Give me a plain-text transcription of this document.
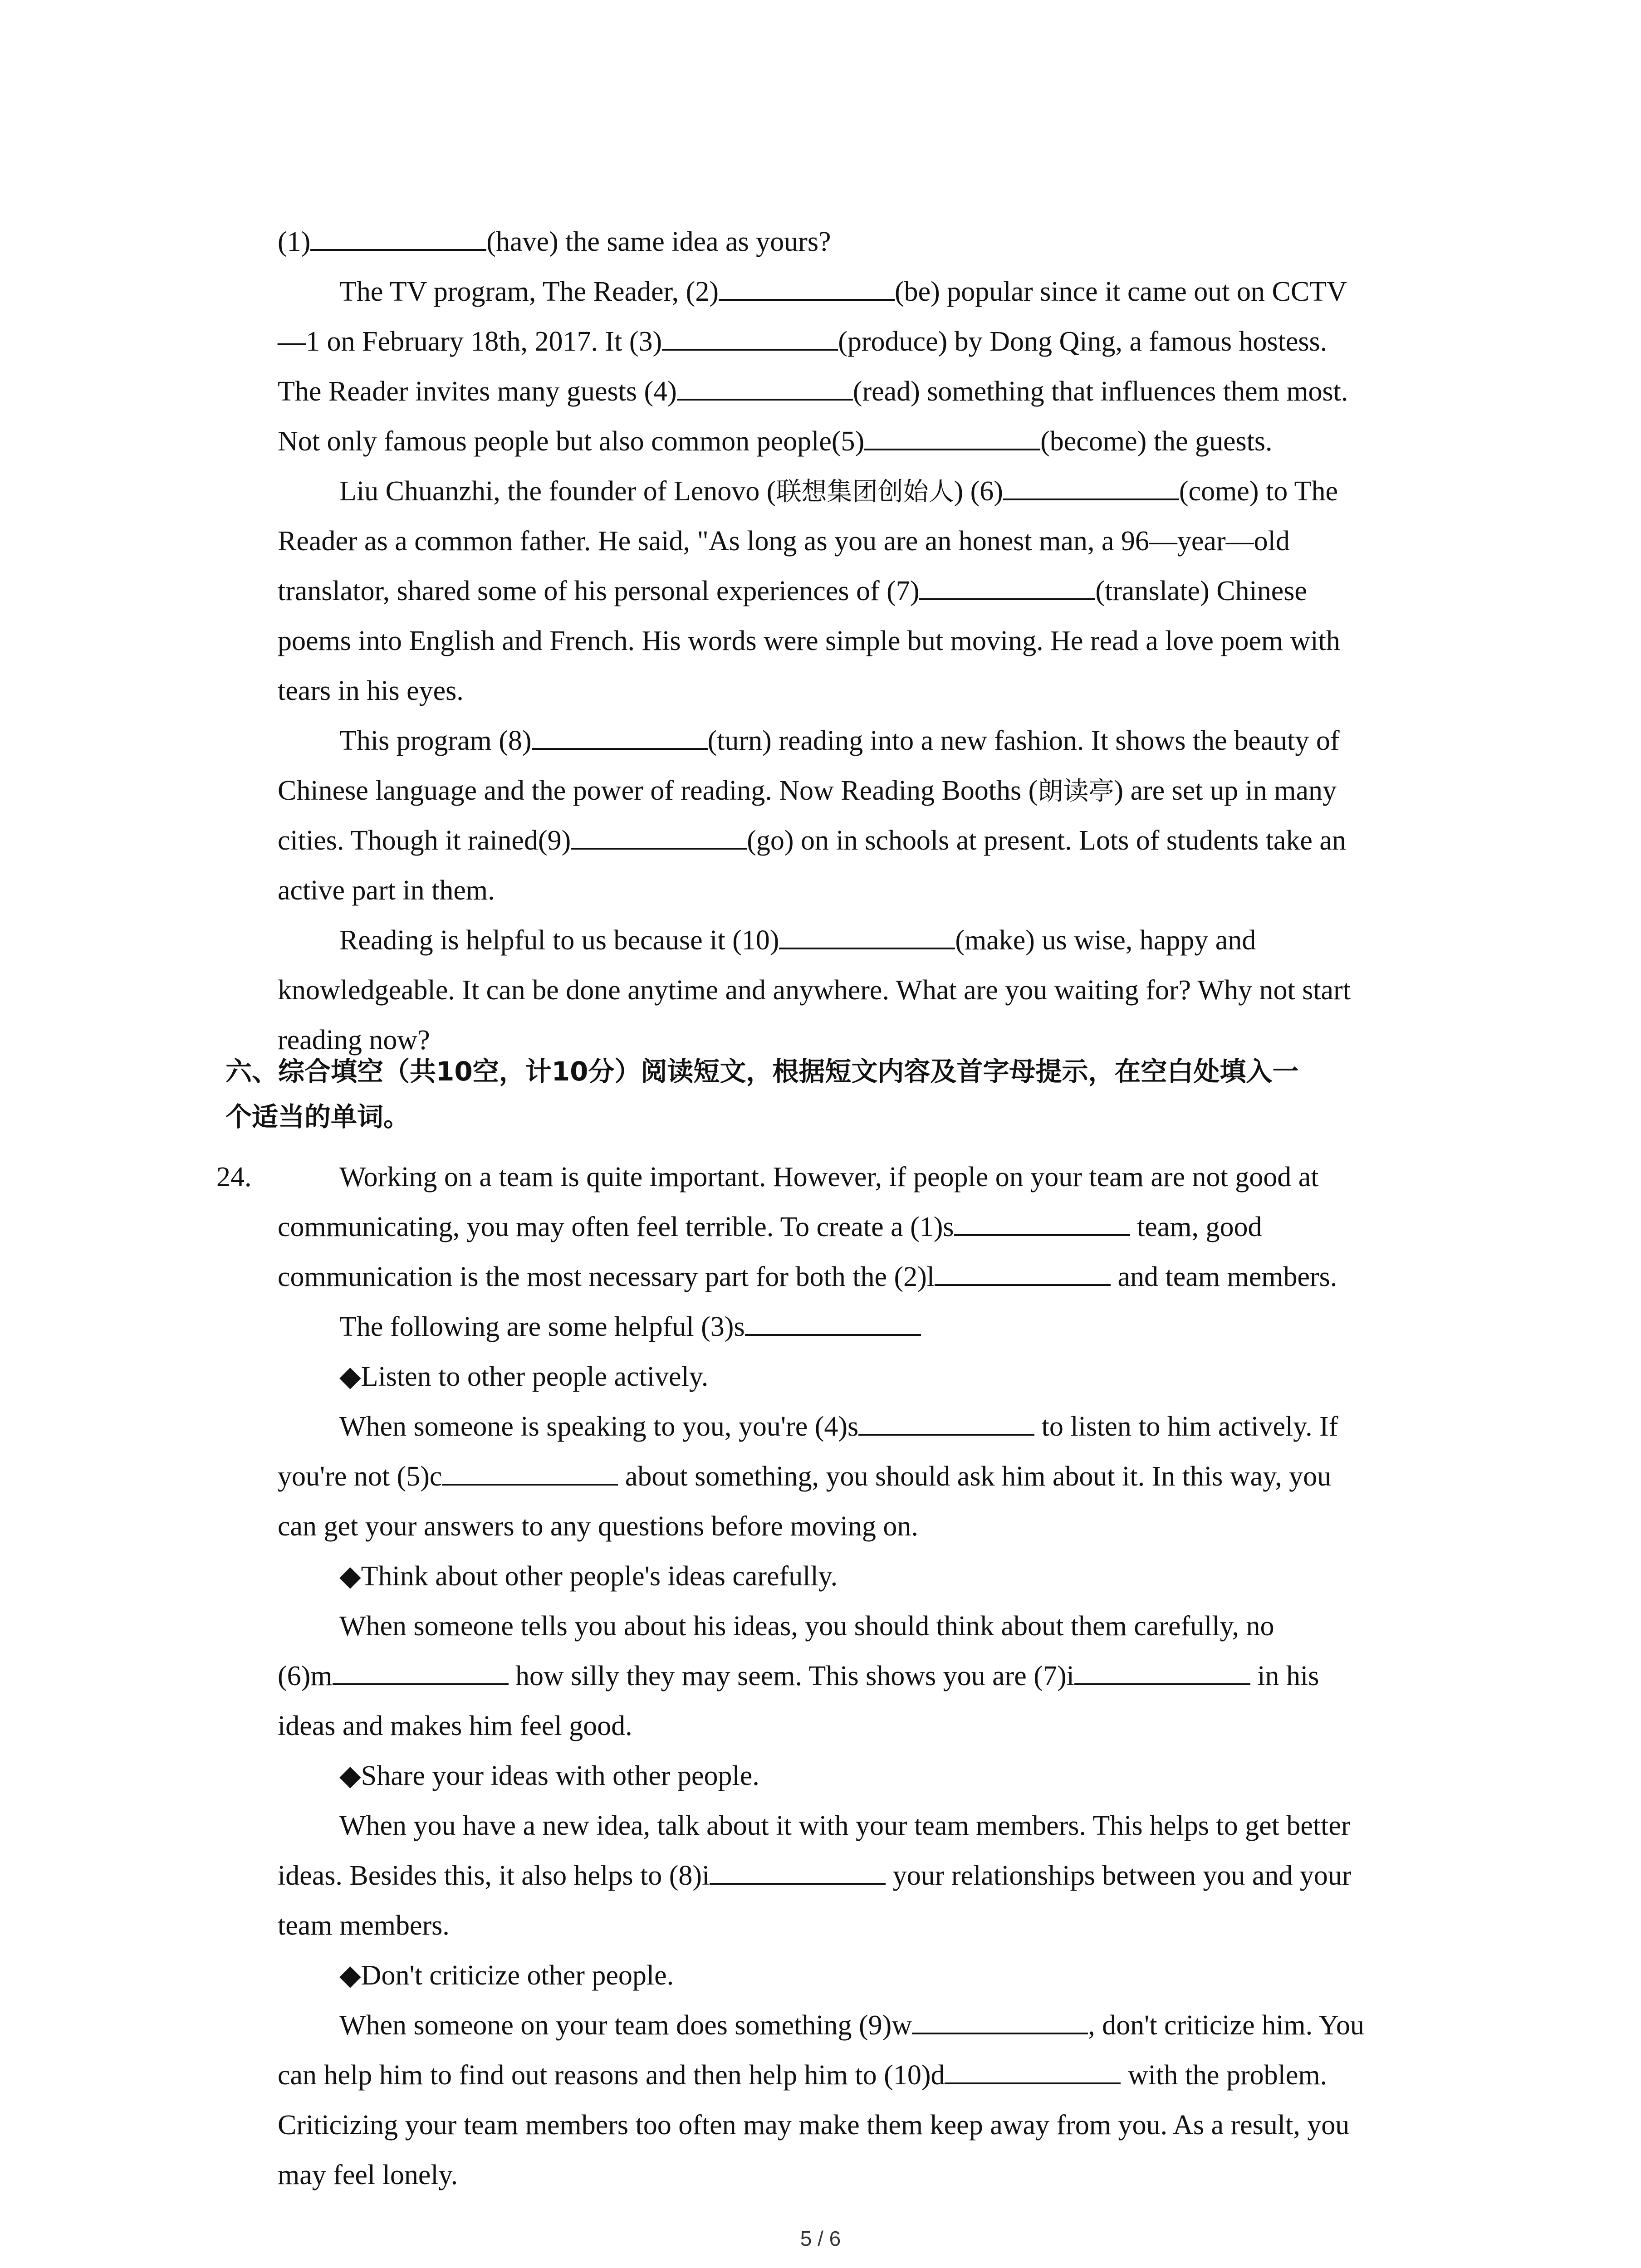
(1)	(have) the same idea as yours?
The TV program, The Reader, (2)	(be) popular since it came out on CCTV
—1 on February 18th, 2017. It (3)	(produce) by Dong Qing, a famous hostess.
The Reader invites many guests (4)	(read) something that influences them most.
Not only famous people but also common people(5)	(become) the guests.
Liu Chuanzhi, the founder of Lenovo (联想集团创始人) (6)	(come) to The
Reader as a common father. He said, "As long as you are an honest man, a 96—year—old
translator, shared some of his personal experiences of (7)	(translate) Chinese
poems into English and French. His words were simple but moving. He read a love poem with
tears in his eyes.
This program (8)	(turn) reading into a new fashion. It shows the beauty of
Chinese language and the power of reading. Now Reading Booths (朗读亭) are set up in many
cities. Though it rained(9)	(go) on in schools at present. Lots of students take an
active part in them.
Reading is helpful to us because it (10)	(make) us wise, happy and
knowledgeable. It can be done anytime and anywhere. What are you waiting for? Why not start
reading now?
六、综合填空（共10空，计10分）阅读短文，根据短文内容及首字母提示，在空白处填入一
个适当的单词。
24.	Working on a team is quite important. However, if people on your team are not good at
communicating, you may often feel terrible. To create a (1)s	team, good
communication is the most necessary part for both the (2)l	and team members.
The following are some helpful (3)s
◆Listen to other people actively.
When someone is speaking to you, you're (4)s	to listen to him actively. If
you're not (5)c	about something, you should ask him about it. In this way, you
can get your answers to any questions before moving on.
◆Think about other people's ideas carefully.
When someone tells you about his ideas, you should think about them carefully, no
(6)m	how silly they may seem. This shows you are (7)i	in his
ideas and makes him feel good.
◆Share your ideas with other people.
When you have a new idea, talk about it with your team members. This helps to get better
ideas. Besides this, it also helps to (8)i	your relationships between you and your
team members.
◆Don't criticize other people.
When someone on your team does something (9)w	, don't criticize him. You
can help him to find out reasons and then help him to (10)d	with the problem.
Criticizing your team members too often may make them keep away from you. As a result, you
may feel lonely.
5 / 6
